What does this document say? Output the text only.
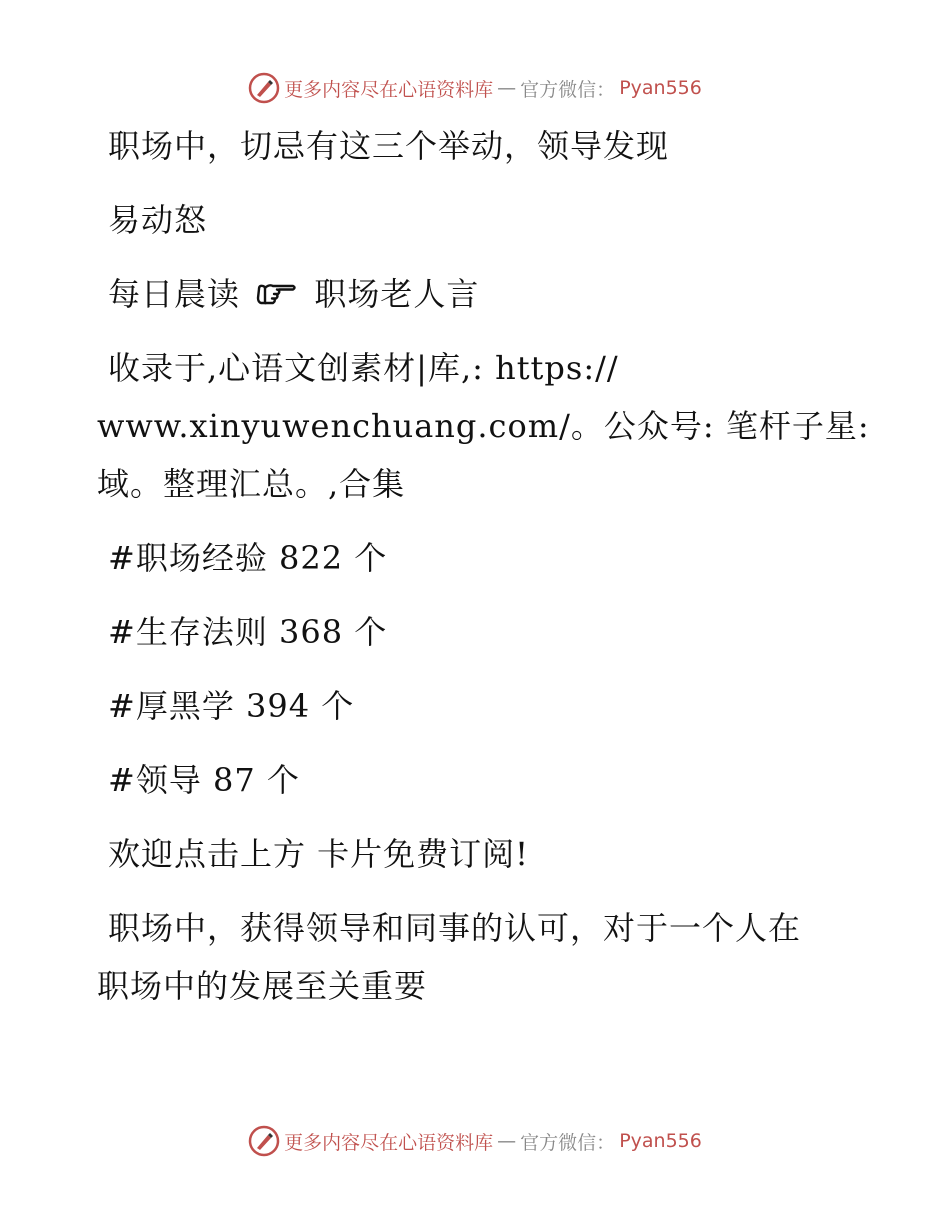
更多内容尽在心语资料库 — 官方微信： Pyan556
职场中，切忌有这三个举动，领导发现
易动怒
每日晨读 职场老人言
收录于,心语文创素材|库,: https://
www.xinyuwenchuang.com/。公众号: 笔杆子星:
域。整理汇总。,合集
#职场经验 822 个
#生存法则 368 个
#厚黑学 394 个
#领导 87 个
欢迎点击上方 卡片免费订阅!
职场中，获得领导和同事的认可，对于一个人在
职场中的发展至关重要
更多内容尽在心语资料库 — 官方微信： Pyan556
